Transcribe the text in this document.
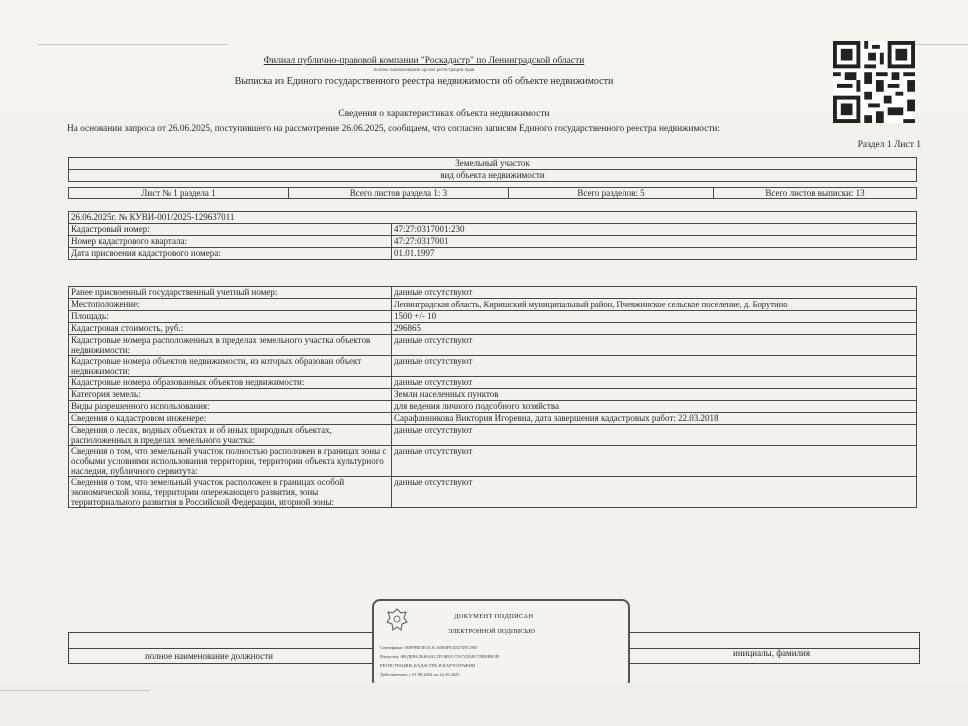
Филиал публично-правовой компании "Роскадастр" по Ленинградской области
полное наименование органа регистрации прав
Выписка из Единого государственного реестра недвижимости об объекте недвижимости
Сведения о характеристиках объекта недвижимости
На основании запроса от 26.06.2025, поступившего на рассмотрение 26.06.2025, сообщаем, что согласно записям Единого государственного реестра недвижимости:
Раздел 1 Лист 1
Земельный участок
вид объекта недвижимости
Лист № 1 раздела 1	Всего листов раздела 1: 3	Всего разделов: 5	Всего листов выписки: 13
26.06.2025г. № КУВИ-001/2025-129637011	
Кадастровый номер:	47:27:0317001:230
Номер кадастрового квартала:	47:27:0317001
Дата присвоения кадастрового номера:	01.01.1997
Ранее присвоенный государственный учетный номер:	данные отсутствуют
Местоположение:	Ленинградская область, Киришский муниципальный район, Пчевжинское сельское поселение, д. Борутино
Площадь:	1500 +/- 10
Кадастровая стоимость, руб.:	296865
Кадастровые номера расположенных в пределах земельного участка объектов недвижимости:	данные отсутствуют
Кадастровые номера объектов недвижимости, из которых образован объект недвижимости:	данные отсутствуют
Кадастровые номера образованных объектов недвижимости:	данные отсутствуют
Категория земель:	Земли населенных пунктов
Виды разрешенного использования:	для ведения личного подсобного хозяйства
Сведения о кадастровом инженере:	Сарафанникова Виктория Игоревна, дата завершения кадастровых работ: 22.03.2018
Сведения о лесах, водных объектах и об иных природных объектах, расположенных в пределах земельного участка:	данные отсутствуют
Сведения о том, что земельный участок полностью расположен в границах зоны с особыми условиями использования территории, территории объекта культурного наследия, публичного сервитута:	данные отсутствуют
Сведения о том, что земельный участок расположен в границах особой экономической зоны, территории опережающего развития, зоны территориального развития в Российской Федерации, игорной зоны:	данные отсутствуют
полное наименование должности	инициалы, фамилия
ДОКУМЕНТ ПОДПИСАН
ЭЛЕКТРОННОЙ ПОДПИСЬЮ
Сертификат: 00FFBE3E3A1CA6E0FE1D2749C59D
Владелец: ФЕДЕРАЛЬНАЯ СЛУЖБА ГОСУДАРСТВЕННОЙ
РЕГИСТРАЦИИ, КАДАСТРА И КАРТОГРАФИИ
Действителен: с 01.08.2024 по 24.10.2025
